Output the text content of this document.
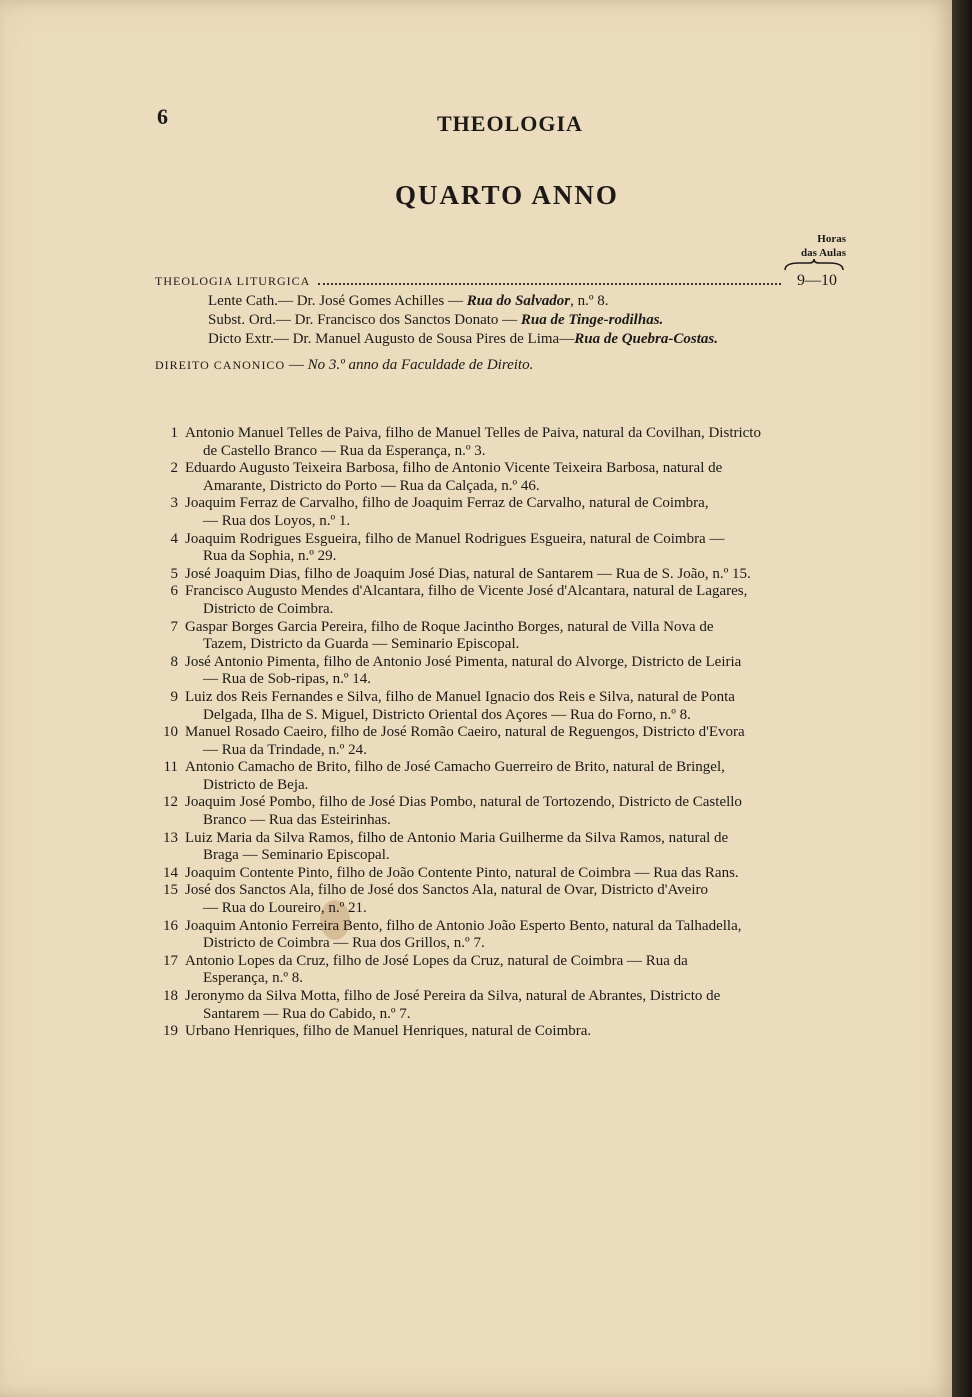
6	THEOLOGIA
QUARTO ANNO
Horas
das Aulas
THEOLOGIA LITURGICA	9—10
Lente Cath.— Dr. José Gomes Achilles — Rua do Salvador, n.º 8.
Subst. Ord.— Dr. Francisco dos Sanctos Donato — Rua de Tinge-rodilhas.
Dicto Extr.— Dr. Manuel Augusto de Sousa Pires de Lima—Rua de Quebra-Costas.
DIREITO CANONICO — No 3.º anno da Faculdade de Direito.
1 Antonio Manuel Telles de Paiva, filho de Manuel Telles de Paiva, natural da Covilhan, Districto
de Castello Branco — Rua da Esperança, n.º 3.
2 Eduardo Augusto Teixeira Barbosa, filho de Antonio Vicente Teixeira Barbosa, natural de
Amarante, Districto do Porto — Rua da Calçada, n.º 46.
3 Joaquim Ferraz de Carvalho, filho de Joaquim Ferraz de Carvalho, natural de Coimbra,
— Rua dos Loyos, n.º 1.
4 Joaquim Rodrigues Esgueira, filho de Manuel Rodrigues Esgueira, natural de Coimbra —
Rua da Sophia, n.º 29.
5 José Joaquim Dias, filho de Joaquim José Dias, natural de Santarem — Rua de S. João, n.º 15.
6 Francisco Augusto Mendes d'Alcantara, filho de Vicente José d'Alcantara, natural de Lagares,
Districto de Coimbra.
7 Gaspar Borges Garcia Pereira, filho de Roque Jacintho Borges, natural de Villa Nova de
Tazem, Districto da Guarda — Seminario Episcopal.
8 José Antonio Pimenta, filho de Antonio José Pimenta, natural do Alvorge, Districto de Leiria
— Rua de Sob-ripas, n.º 14.
9 Luiz dos Reis Fernandes e Silva, filho de Manuel Ignacio dos Reis e Silva, natural de Ponta
Delgada, Ilha de S. Miguel, Districto Oriental dos Açores — Rua do Forno, n.º 8.
10 Manuel Rosado Caeiro, filho de José Romão Caeiro, natural de Reguengos, Districto d'Evora
— Rua da Trindade, n.º 24.
11 Antonio Camacho de Brito, filho de José Camacho Guerreiro de Brito, natural de Bringel,
Districto de Beja.
12 Joaquim José Pombo, filho de José Dias Pombo, natural de Tortozendo, Districto de Castello
Branco — Rua das Esteirinhas.
13 Luiz Maria da Silva Ramos, filho de Antonio Maria Guilherme da Silva Ramos, natural de
Braga — Seminario Episcopal.
14 Joaquim Contente Pinto, filho de João Contente Pinto, natural de Coimbra — Rua das Rans.
15 José dos Sanctos Ala, filho de José dos Sanctos Ala, natural de Ovar, Districto d'Aveiro
— Rua do Loureiro, n.º 21.
16 Joaquim Antonio Ferreira Bento, filho de Antonio João Esperto Bento, natural da Talhadella,
Districto de Coimbra — Rua dos Grillos, n.º 7.
17 Antonio Lopes da Cruz, filho de José Lopes da Cruz, natural de Coimbra — Rua da
Esperança, n.º 8.
18 Jeronymo da Silva Motta, filho de José Pereira da Silva, natural de Abrantes, Districto de
Santarem — Rua do Cabido, n.º 7.
19 Urbano Henriques, filho de Manuel Henriques, natural de Coimbra.
